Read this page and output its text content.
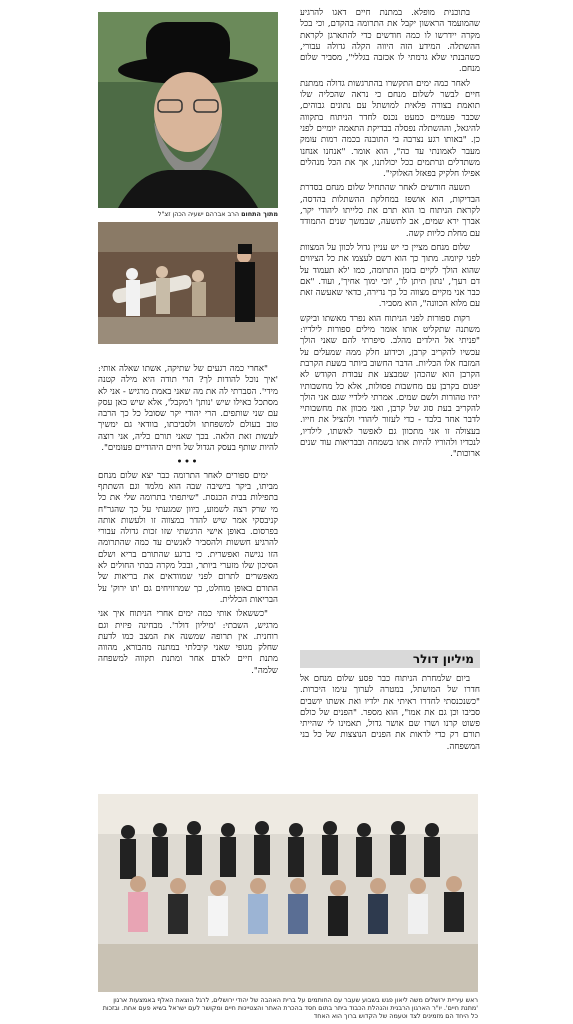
בתוכנית מופלא. במתנת חיים דאגו להרגיע שהמועמד הראשון יקבל את התרומה בהקדם, וכי בכל מקרה יידרשו לו כמה חודשים כדי להתארגן לקראת ההשתלה. המידע הזה היווה הקלה גדולה עבורי, כשהבנתי שלא גרמתי לו אכזבה בגללי", מסביר שלום מנחם.

לאחר כמה ימים התקשרו בהתרגשות גדולה ממתנת חיים לבשר לשלום מנחם כי נראה שהכליה שלו תואמת בצורה פלאית למושתל עם נתונים גבוהים, שכבר פעמיים כמעט נכנס לחדר הניתוח בתקווה להיגאל, וההשתלה נפסלה בבדיקת התאמה יומיים לפני כן. "באותו רגע נצרבה בי התובנה בכמה רמות עומק מעבר לאמונתי עד כה", הוא אומר. "אנחנו אנחנו משתדלים ונרתמים ככל יכולתנו, אך את הכל מנהלים אפילו חלקיק בפאזל האלוקי".

תשעה חודשים לאחר שהתחיל שלום מנחם בסדרת הבדיקות, הוא אושפז במחלקת ההשתלות בהדסה, לקראת הניתוח בו הוא תרם את כלייתו ליהודי יקר, אברך ירא שמים, אב לתשעה, שבמשך שנים התמודד עם מחלת כליות קשה.

שלום מנחם מציין כי יש עניין גדול לכוון על המצוות לפני קיומה. מתוך כך הוא רשם לעצמו את כל הציווים שהוא הולך לקיים בזמן התרומה, כמו 'לא תעמוד על דם רעך', 'נתון תיתן לו', 'וכי ימוך אחיך', ועוד. "אם כבר אני מקיים מצווה כל כך נדירה, כדאי שאעשה זאת עם מלוא הכוונה", הוא מסביר.

רקות ספורות לפני הניתוח הוא נפרד מאשתו וביקש משתנה שתקליט אותו אומר מילים ספורות לילדיו: "פניתי אל הילדים מהלב. סיפרתי להם שאני הולך עכשיו להקריב קרבן, וכידוע חלק ממה שמעלים על המזבח אלו הכליות. הדבר החשוב ביותר בשעת הקרבת הקרבן הוא שהכהן שמבצע את עבודת הקודש לא יפגום בקרבן עם מחשבות פסולות, אלא כל מחשבותיו יהיו טהורות ולשם שמים. אמרתי לילדיי שגם אני הולך להקריב בעת סוג של קרבן, ואני מכוון את מחשבותיי לדבר אחד בלבד - כדי לעזור ליהודי ולהציל את חייו. בעצולה זו אני מתכוון גם לאפשר לאשתו, לילדיו, לנכדיו ולהוריו להיות אתו בשמחה ובבריאות עוד שנים ארוכות".

מיליון דולר

ביום שלמחרת הניתוח כבר פסע שלום מנחם אל חדרו של המושתל, במטרה לערוך עימו היכרות. "כשנכנסתי לחדרו ראיתי את ילדיו ואת אשתו יושבים סביבו וכן גם את אמו", הוא מספר. "הפנים של כולם פשוט קרנו ושרו שם אושר גדול, תאמינו לי שהייתי תורם רק כדי לראות את הפנים הנוצצות של כל בני המשפחה.

מתוך התחום הרב אברהם ישעיה הכהן זצ"ל

"אחרי כמה רגעים של שתיקה, אשתו שאלה אותי: 'איך נוכל להודות לך? הרי תודה היא מילה קטנה מידי'. הסברתי לה את מה שאני באמת מרגיש - אני לא מסתכל כאילו שיש 'נותן' ו'מקבל', אלא שיש כאן עסק עם שני שותפים. הרי יהודי יקר שסובל כל כך הרבה טוב בעולם למשפחתו ולסביבתו, בוודאי גם ימשיך לעשות זאת הלאה. בכך שאני תורם כליה, אני רוצה להיות שותף בעסק הגדול של חיים היהודיים פעומים".

•••

ימים ספורים לאחר התרומה כבר יצא שלום מנחם מביתו, ביקר בישיבה שבה הוא מלמד וגם השתתף בתפילות בבית הכנסת. "שיתפתי בתרומה שלי את כל מי שרק רצה לשמוע, כיוון שמגעתי על כך שהגר"ח קניבסקי אמר שיש להדר במצווה זו ולעשות אותה בפרסום. באופן אישי הרגשתי שזו זכות גדולה עבורי להרגיע חששות ולהסביר לאנשים עד כמה שהתרומה הזו נגישה ואפשרית. כי ברגע שהתורם בריא ושלם הסיכון שלו מזערי ביותר, ובכל מקרה בבתי החולים לא מאפשרים לתרום לפני שמוודאים את בריאות של התורם באופן מוחלט, כך שמרוויחים גם 'תו ירוק' על הבריאות הכללית.

"כששאלו אותי כמה ימים אחרי הניתוח איך אני מרגיש, השבתי: 'מיליון דולר'. מבחינה פיזית וגם רוחנית. אין תרופה שמשנה את המצב כמו לדעת שחלק מגופי שאני קיבלתי במתנה מהבורא, מהווה מתנת חיים לאדם אחר ומתנת תקווה למשפחה שלמה".

ראש עיריית ירושלים משה ליאון פגש בשבוע שעבר עם החותמים על ברית האהבה של יהודי ירושלים, לרגל הוצאת האלף באמצעות ארגון 'מתנת חיים'. יו"ר הארגון הרבנית והנהלת הכבוד ביתר בתום חסד בהכרת האתר והצטיינות חיים ומקושר לעם ישראל בשיא פעם אחת. ובזכות כל היחד הם מזמינים לצד וטעמה של הקדוש ברוך הוא האחד
